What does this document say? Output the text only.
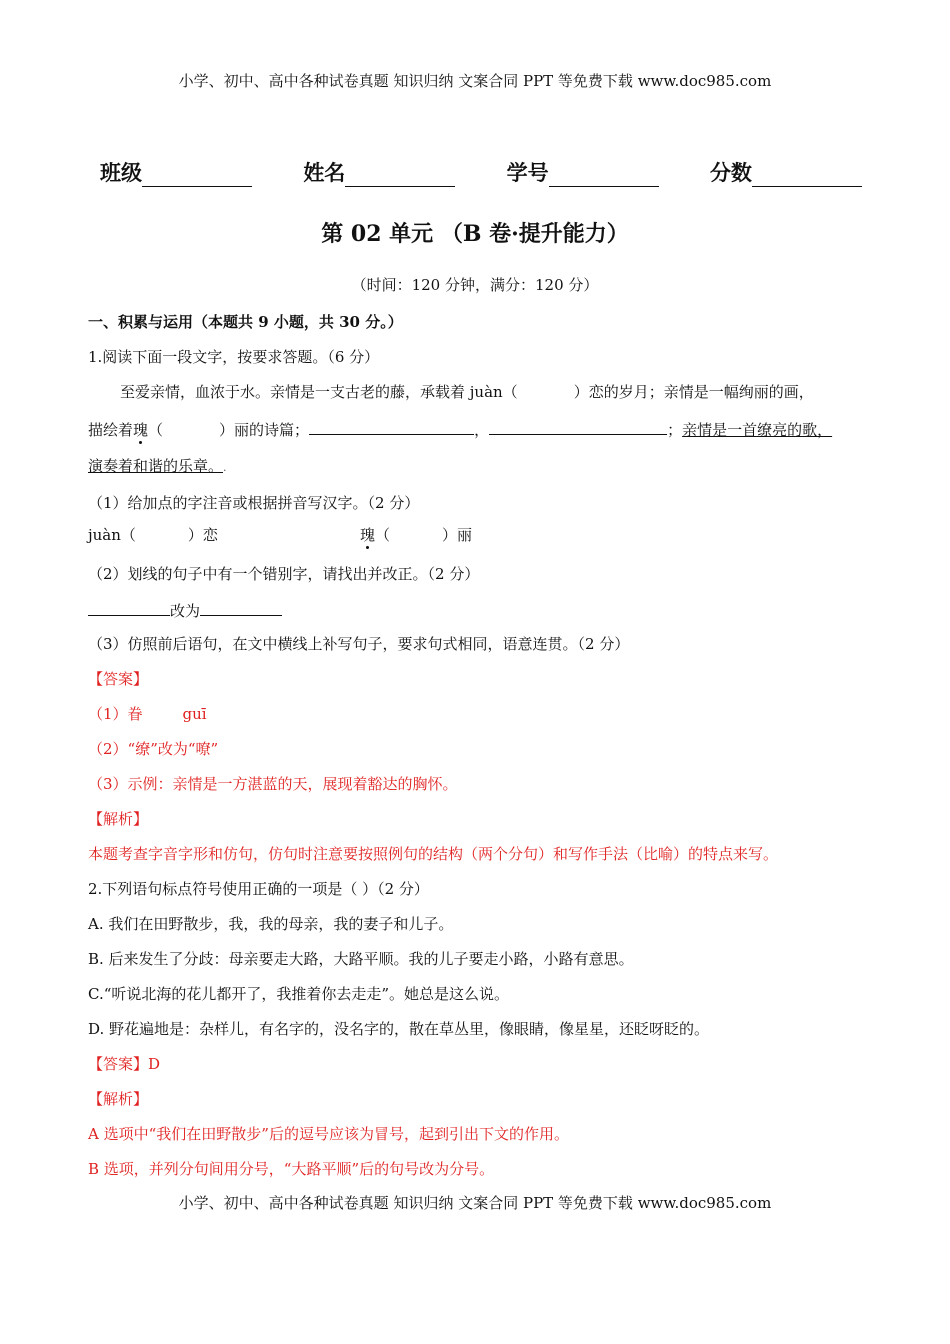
小学、初中、高中各种试卷真题 知识归纳 文案合同 PPT 等免费下载 www.doc985.com
班级	姓名	学号	分数
第 02 单元 （B 卷·提升能力）
（时间：120 分钟，满分：120 分）
一、积累与运用（本题共 9 小题，共 30 分。）
1.阅读下面一段文字，按要求答题。（6 分）
至爱亲情，血浓于水。亲情是一支古老的藤，承载着 juàn（	）恋的岁月；亲情是一幅绚丽的画，
描绘着瑰（	）丽的诗篇；	，	；亲情是一首缭亮的歌，
演奏着和谐的乐章。.
（1）给加点的字注音或根据拼音写汉字。（2 分）
juàn（	）恋	瑰（	）丽
（2）划线的句子中有一个错别字，请找出并改正。（2 分）
改为
（3）仿照前后语句，在文中横线上补写句子，要求句式相同，语意连贯。（2 分）
【答案】
（1）眷	guī
（2）“缭”改为“嘹”
（3）示例：亲情是一方湛蓝的天，展现着豁达的胸怀。
【解析】
本题考查字音字形和仿句，仿句时注意要按照例句的结构（两个分句）和写作手法（比喻）的特点来写。
2.下列语句标点符号使用正确的一项是（ ）（2 分）
A. 我们在田野散步，我，我的母亲，我的妻子和儿子。
B. 后来发生了分歧：母亲要走大路，大路平顺。我的儿子要走小路，小路有意思。
C.“听说北海的花儿都开了，我推着你去走走”。她总是这么说。
D. 野花遍地是：杂样儿，有名字的，没名字的，散在草丛里，像眼睛，像星星，还眨呀眨的。
【答案】D
【解析】
A 选项中“我们在田野散步”后的逗号应该为冒号，起到引出下文的作用。
B 选项，并列分句间用分号，“大路平顺”后的句号改为分号。
小学、初中、高中各种试卷真题 知识归纳 文案合同 PPT 等免费下载 www.doc985.com
